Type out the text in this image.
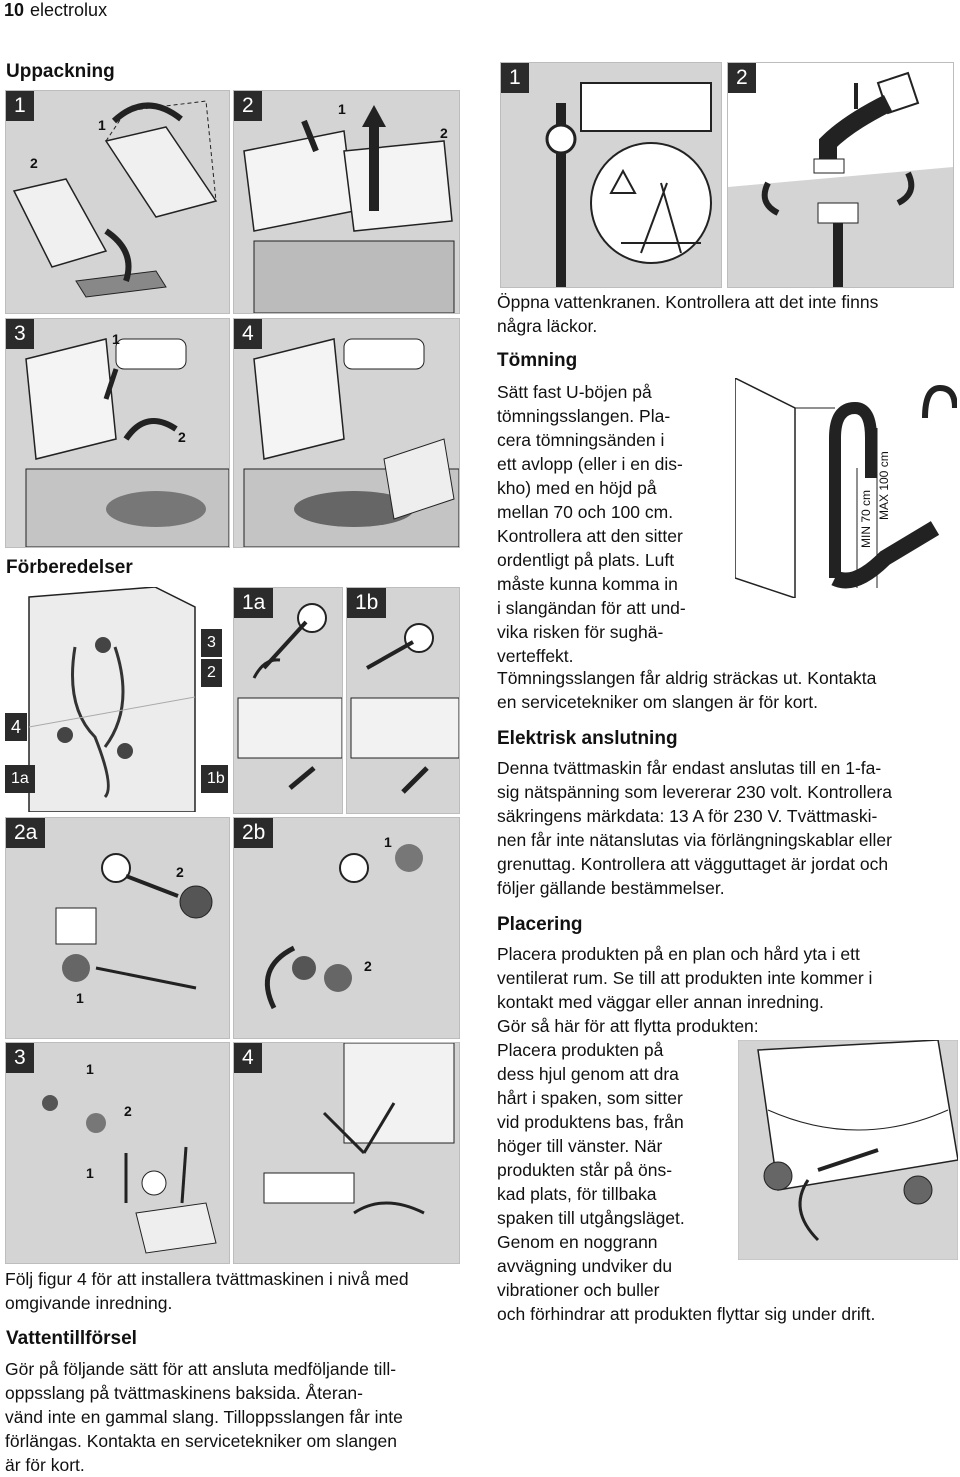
10 electrolux
Uppackning
1
1
2
2	1
2
3	1
2
4
Förberedelser
4
1a
3
2
1b
1a	1b
2a
2
1
2b	1
2
3	1
2
1
4
Följ figur 4 för att installera tvättmaskinen i nivå med
omgivande inredning.
Vattentillförsel
Gör på följande sätt för att ansluta medföljande till-
oppsslang på tvättmaskinens baksida. Återan-
vänd inte en gammal slang. Tilloppsslangen får inte
förlängas. Kontakta en servicetekniker om slangen
är för kort.
1	2
Öppna vattenkranen. Kontrollera att det inte finns
några läckor.
Tömning
Sätt fast U-böjen på
tömningsslangen. Pla-
cera tömningsänden i
ett avlopp (eller i en dis-
kho) med en höjd på
mellan 70 och 100 cm.
Kontrollera att den sitter
ordentligt på plats. Luft
måste kunna komma in
i slangändan för att und-
vika risken för sughä-
verteffekt.
MIN 70 cm MAX 100 cm
Tömningsslangen får aldrig sträckas ut. Kontakta
en servicetekniker om slangen är för kort.
Elektrisk anslutning
Denna tvättmaskin får endast anslutas till en 1-fa-
sig nätspänning som levererar 230 volt. Kontrollera
säkringens märkdata: 13 A för 230 V. Tvättmaski-
nen får inte nätanslutas via förlängningskablar eller
grenuttag. Kontrollera att vägguttaget är jordat och
följer gällande bestämmelser.
Placering
Placera produkten på en plan och hård yta i ett
ventilerat rum. Se till att produkten inte kommer i
kontakt med väggar eller annan inredning.
Gör så här för att flytta produkten:
Placera produkten på
dess hjul genom att dra
hårt i spaken, som sitter
vid produktens bas, från
höger till vänster. När
produkten står på öns-
kad plats, för tillbaka
spaken till utgångsläget.
Genom en noggrann
avvägning undviker du
vibrationer och buller
och förhindrar att produkten flyttar sig under drift.
